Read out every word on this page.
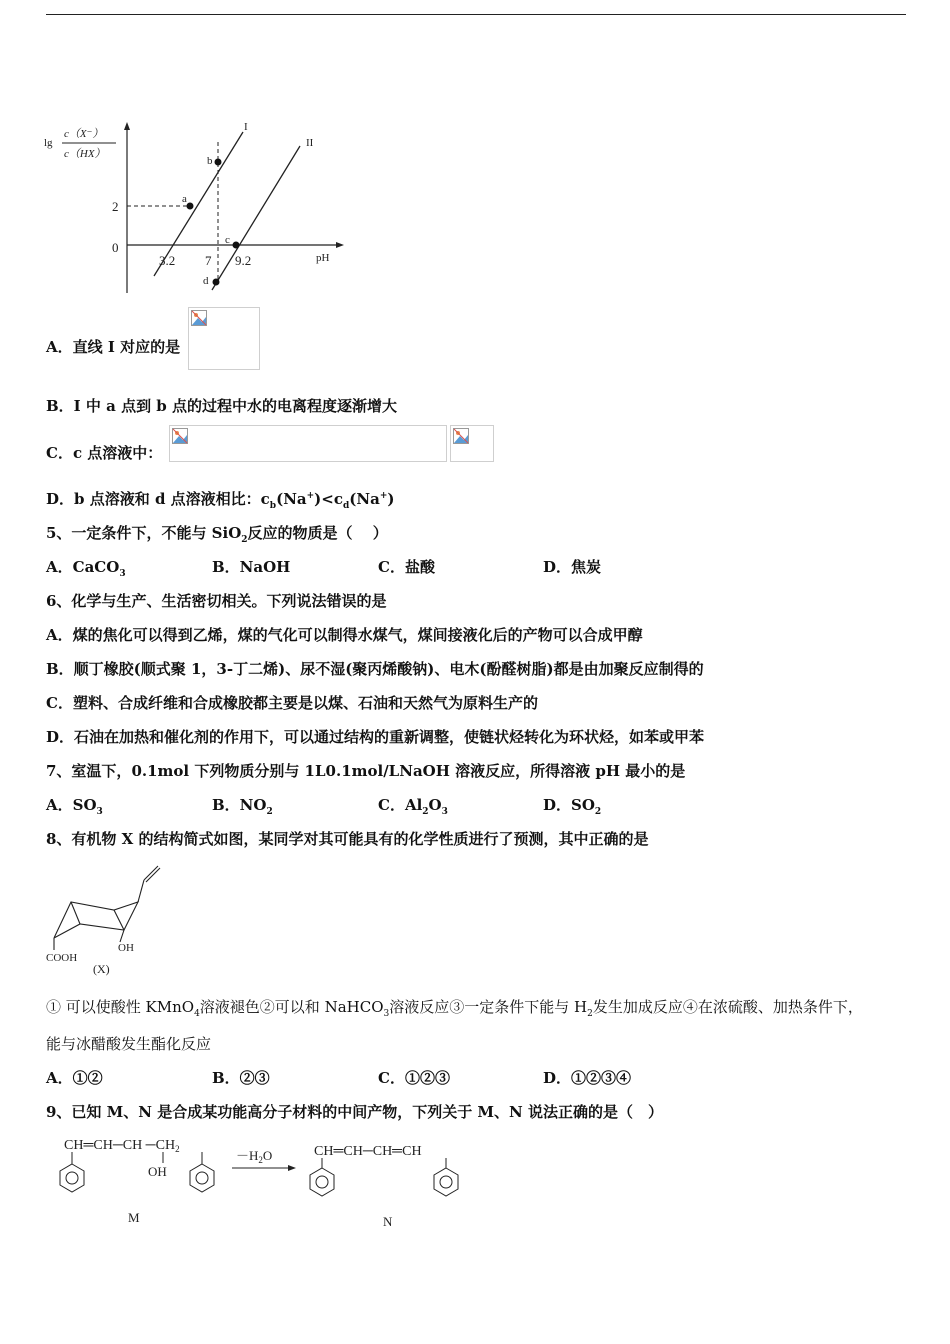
lg
c（X⁻）
c（HX）
pH
2
0
3.2 7 9.2
I
II
a
b
c
d
A．直线 I 对应的是
B．I 中 a 点到 b 点的过程中水的电离程度逐渐增大
C．c 点溶液中：
D．b 点溶液和 d 点溶液相比：$c_b(Na^+)<c_d(Na^+)$
5、一定条件下，不能与 SiO$_2$反应的物质是（　 ）
A．CaCO$_3$	B．NaOH	C．盐酸	D．焦炭
6、化学与生产、生活密切相关。下列说法错误的是
A．煤的焦化可以得到乙烯，煤的气化可以制得水煤气，煤间接液化后的产物可以合成甲醇
B．顺丁橡胶(顺式聚 1，3-丁二烯)、尿不湿(聚丙烯酸钠)、电木(酚醛树脂)都是由加聚反应制得的
C．塑料、合成纤维和合成橡胶都主要是以煤、石油和天然气为原料生产的
D．石油在加热和催化剂的作用下，可以通过结构的重新调整，使链状烃转化为环状烃，如苯或甲苯
7、室温下，0.1mol 下列物质分别与 1L0.1mol/LNaOH 溶液反应，所得溶液 pH 最小的是
A．$SO_3$	B．$NO_2$	C．$Al_2O_3$	D．$SO_2$
8、有机物 X 的结构简式如图，某同学对其可能具有的化学性质进行了预测，其中正确的是
COOH
OH
(X)
① 可以使酸性 KMnO$_4$溶液褪色②可以和 NaHCO$_3$溶液反应③一定条件下能与 $H_2$发生加成反应④在浓硫酸、加热条件下，
能与冰醋酸发生酯化反应
A．①②	B．②③	C．①②③	D．①②③④
9、已知 M、N 是合成某功能高分子材料的中间产物，下列关于 M、N 说法正确的是（　）
CH═CH─CH $─CH_2$
OH
M
$-H_2O$	CH═CH─CH═CH
N
